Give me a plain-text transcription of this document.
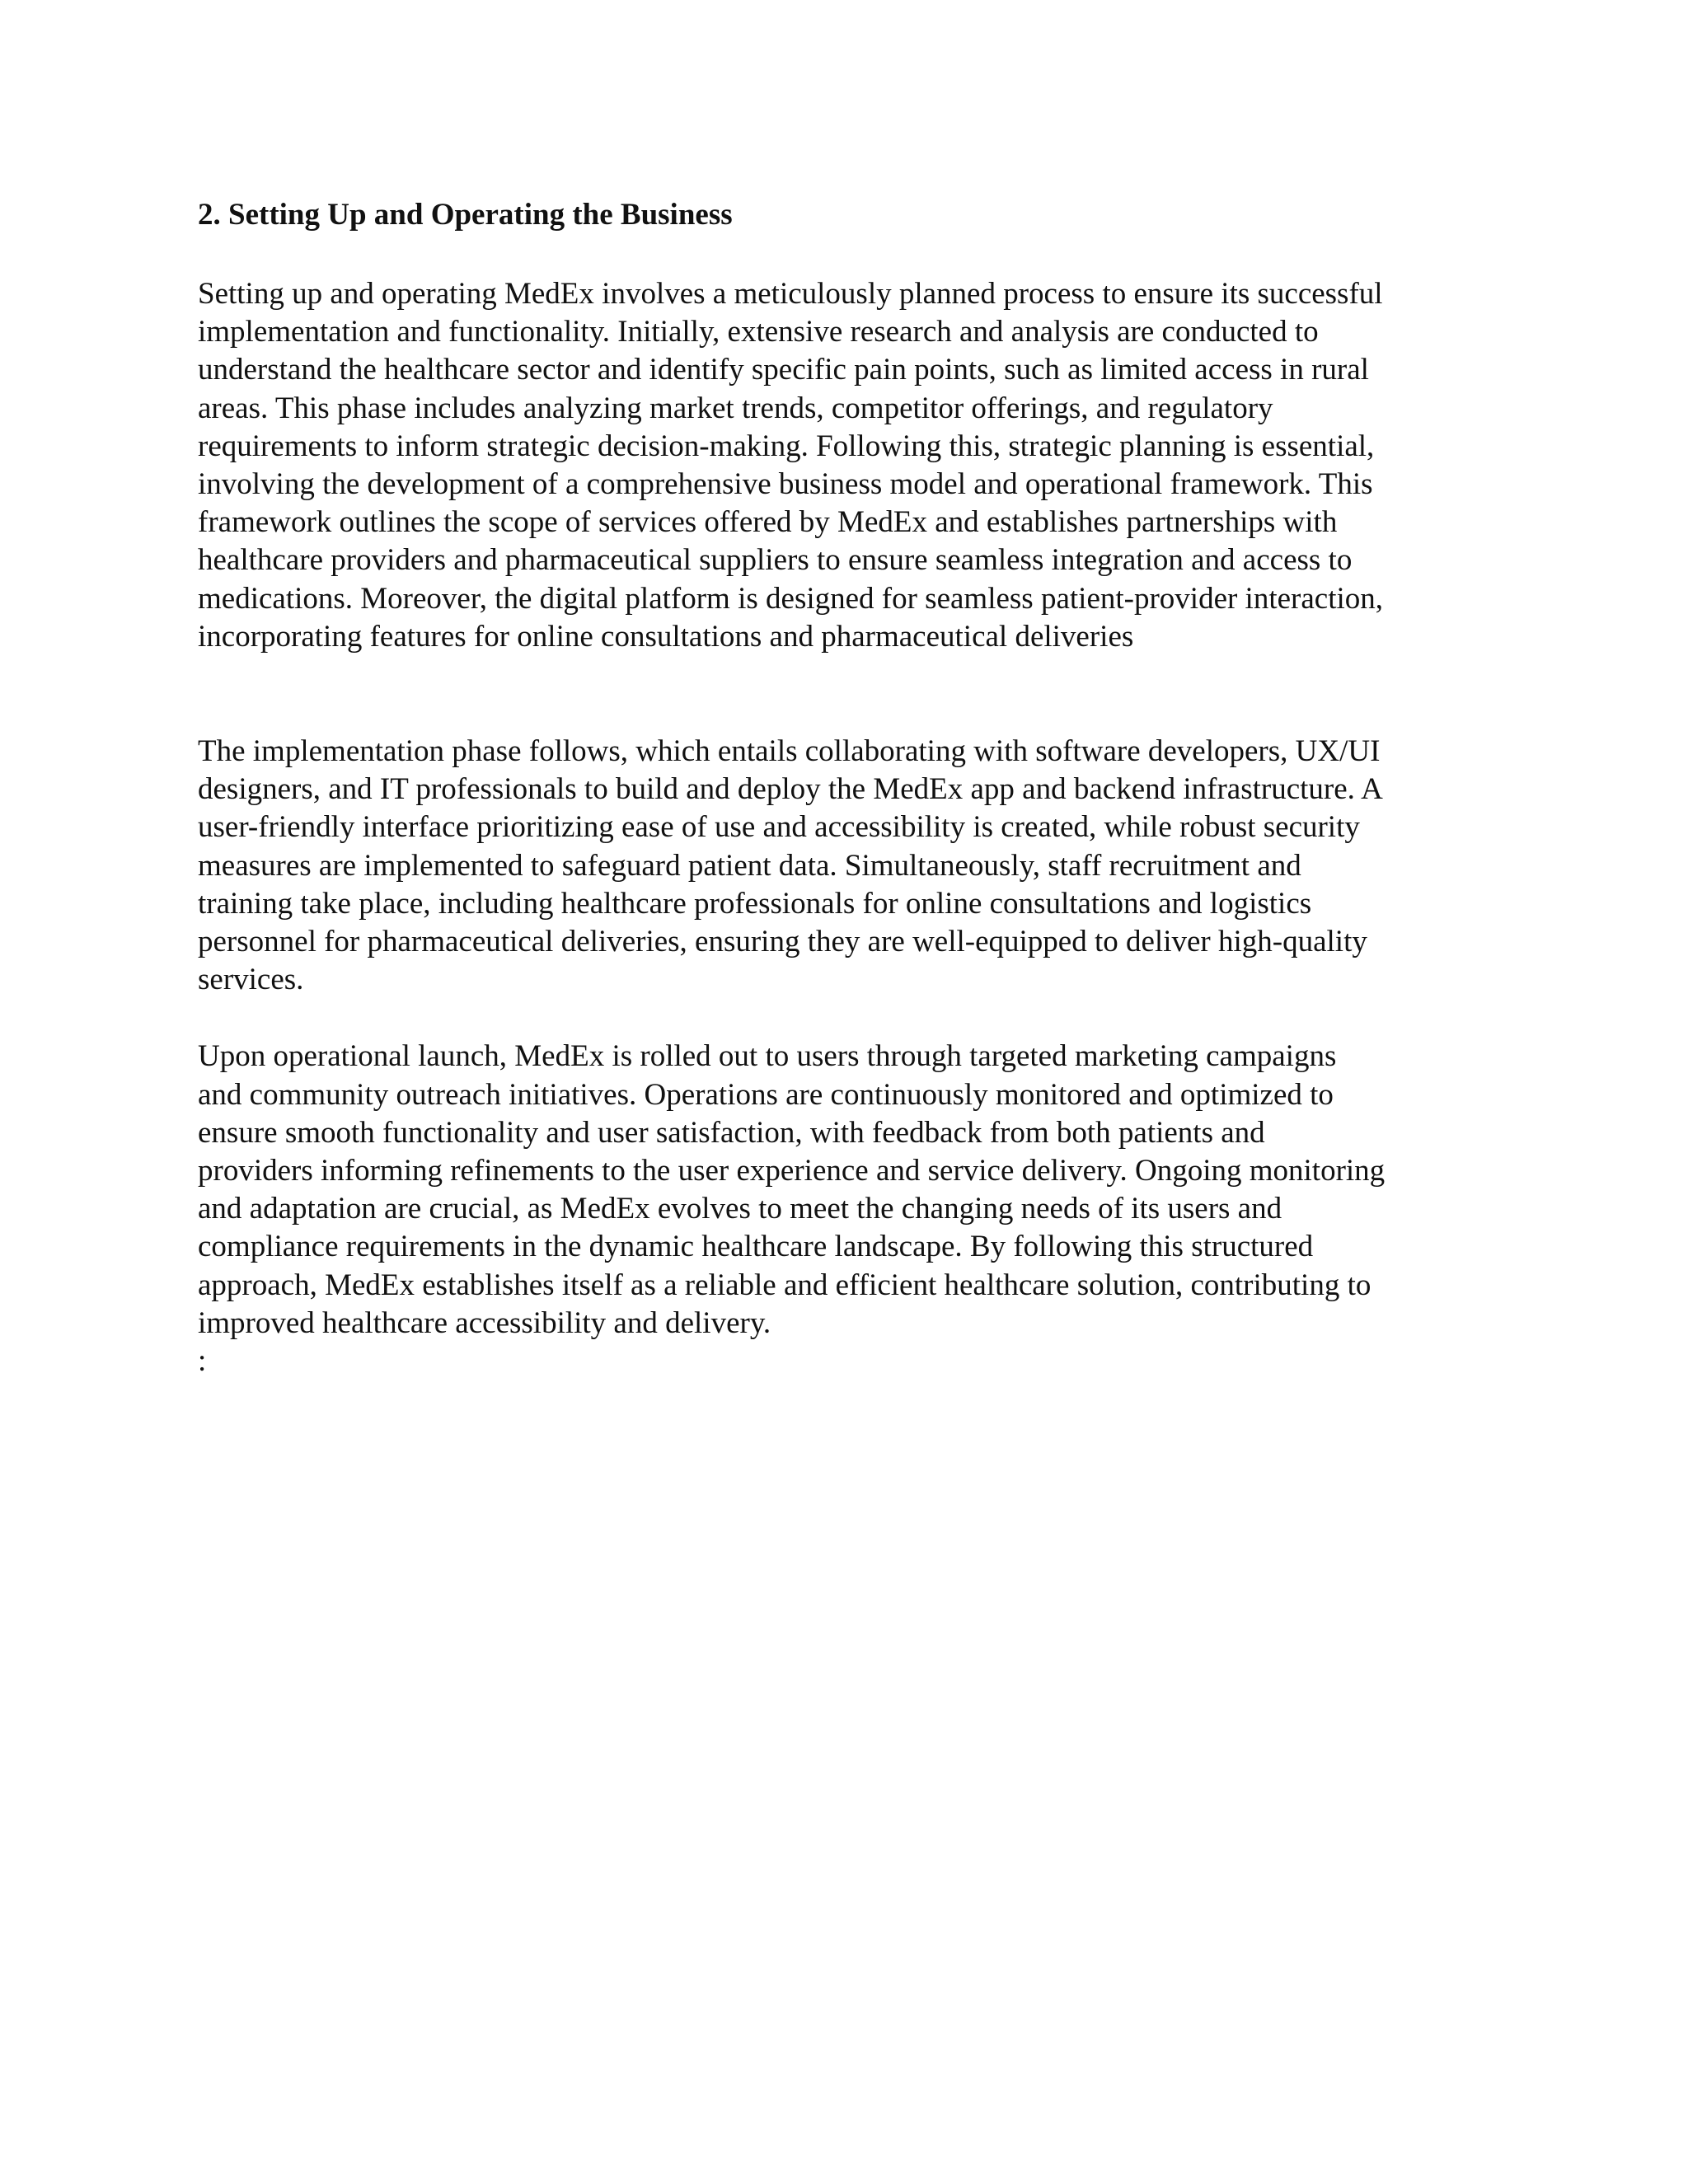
2. Setting Up and Operating the Business

Setting up and operating MedEx involves a meticulously planned process to ensure its successful
implementation and functionality. Initially, extensive research and analysis are conducted to
understand the healthcare sector and identify specific pain points, such as limited access in rural
areas. This phase includes analyzing market trends, competitor offerings, and regulatory
requirements to inform strategic decision-making. Following this, strategic planning is essential,
involving the development of a comprehensive business model and operational framework. This
framework outlines the scope of services offered by MedEx and establishes partnerships with
healthcare providers and pharmaceutical suppliers to ensure seamless integration and access to
medications. Moreover, the digital platform is designed for seamless patient-provider interaction,
incorporating features for online consultations and pharmaceutical deliveries

The implementation phase follows, which entails collaborating with software developers, UX/UI
designers, and IT professionals to build and deploy the MedEx app and backend infrastructure. A
user-friendly interface prioritizing ease of use and accessibility is created, while robust security
measures are implemented to safeguard patient data. Simultaneously, staff recruitment and
training take place, including healthcare professionals for online consultations and logistics
personnel for pharmaceutical deliveries, ensuring they are well-equipped to deliver high-quality
services.

Upon operational launch, MedEx is rolled out to users through targeted marketing campaigns
and community outreach initiatives. Operations are continuously monitored and optimized to
ensure smooth functionality and user satisfaction, with feedback from both patients and
providers informing refinements to the user experience and service delivery. Ongoing monitoring
and adaptation are crucial, as MedEx evolves to meet the changing needs of its users and
compliance requirements in the dynamic healthcare landscape. By following this structured
approach, MedEx establishes itself as a reliable and efficient healthcare solution, contributing to
improved healthcare accessibility and delivery.
:
